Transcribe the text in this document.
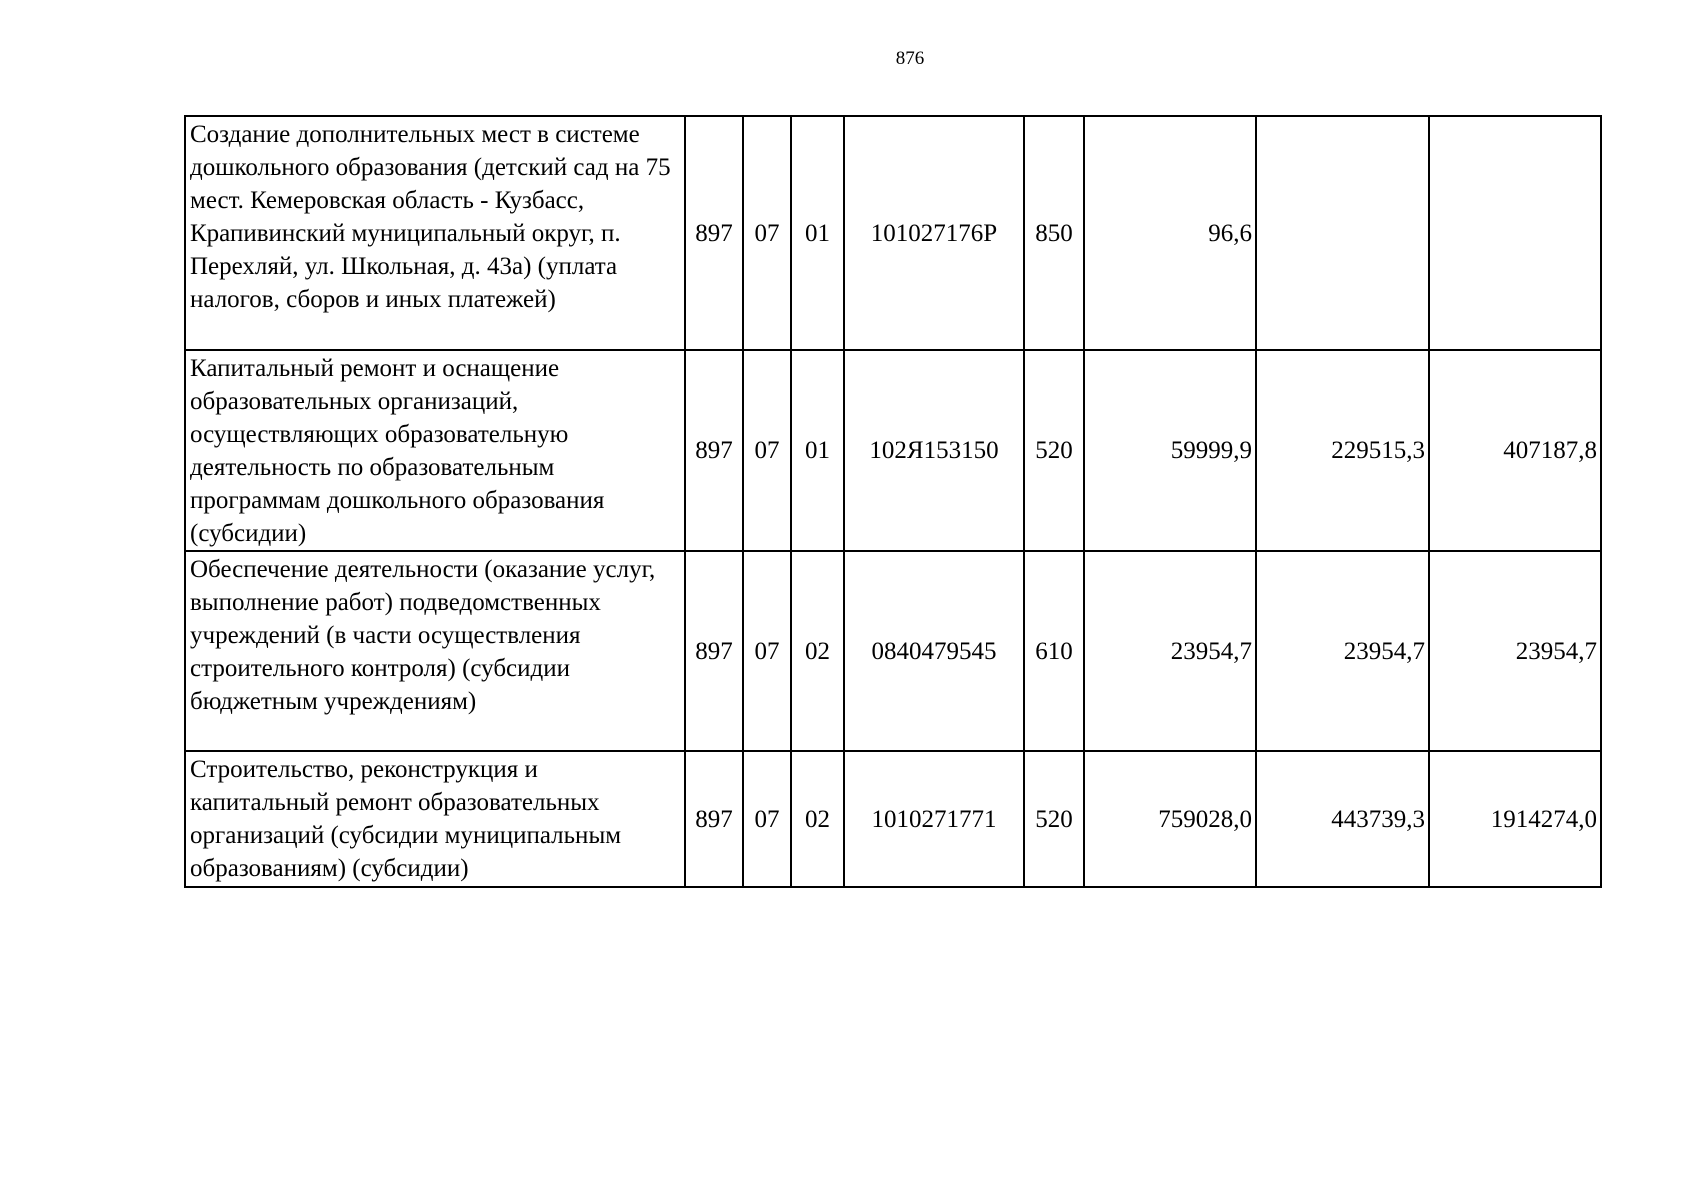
876
Создание дополнительных мест в системе дошкольного образования (детский сад на 75 мест. Кемеровская область - Кузбасс, Крапивинский муниципальный округ, п. Перехляй, ул. Школьная, д. 43а) (уплата налогов, сборов и иных платежей)	897	07	01	101027176Р	850	96,6		
Капитальный ремонт и оснащение образовательных организаций, осуществляющих образовательную деятельность по образовательным программам дошкольного образования (субсидии)	897	07	01	102Я153150	520	59999,9	229515,3	407187,8
Обеспечение деятельности (оказание услуг, выполнение работ) подведомственных учреждений (в части осуществления строительного контроля) (субсидии бюджетным учреждениям)	897	07	02	0840479545	610	23954,7	23954,7	23954,7
Строительство, реконструкция и капитальный ремонт образовательных организаций (субсидии муниципальным образованиям) (субсидии)	897	07	02	1010271771	520	759028,0	443739,3	1914274,0
